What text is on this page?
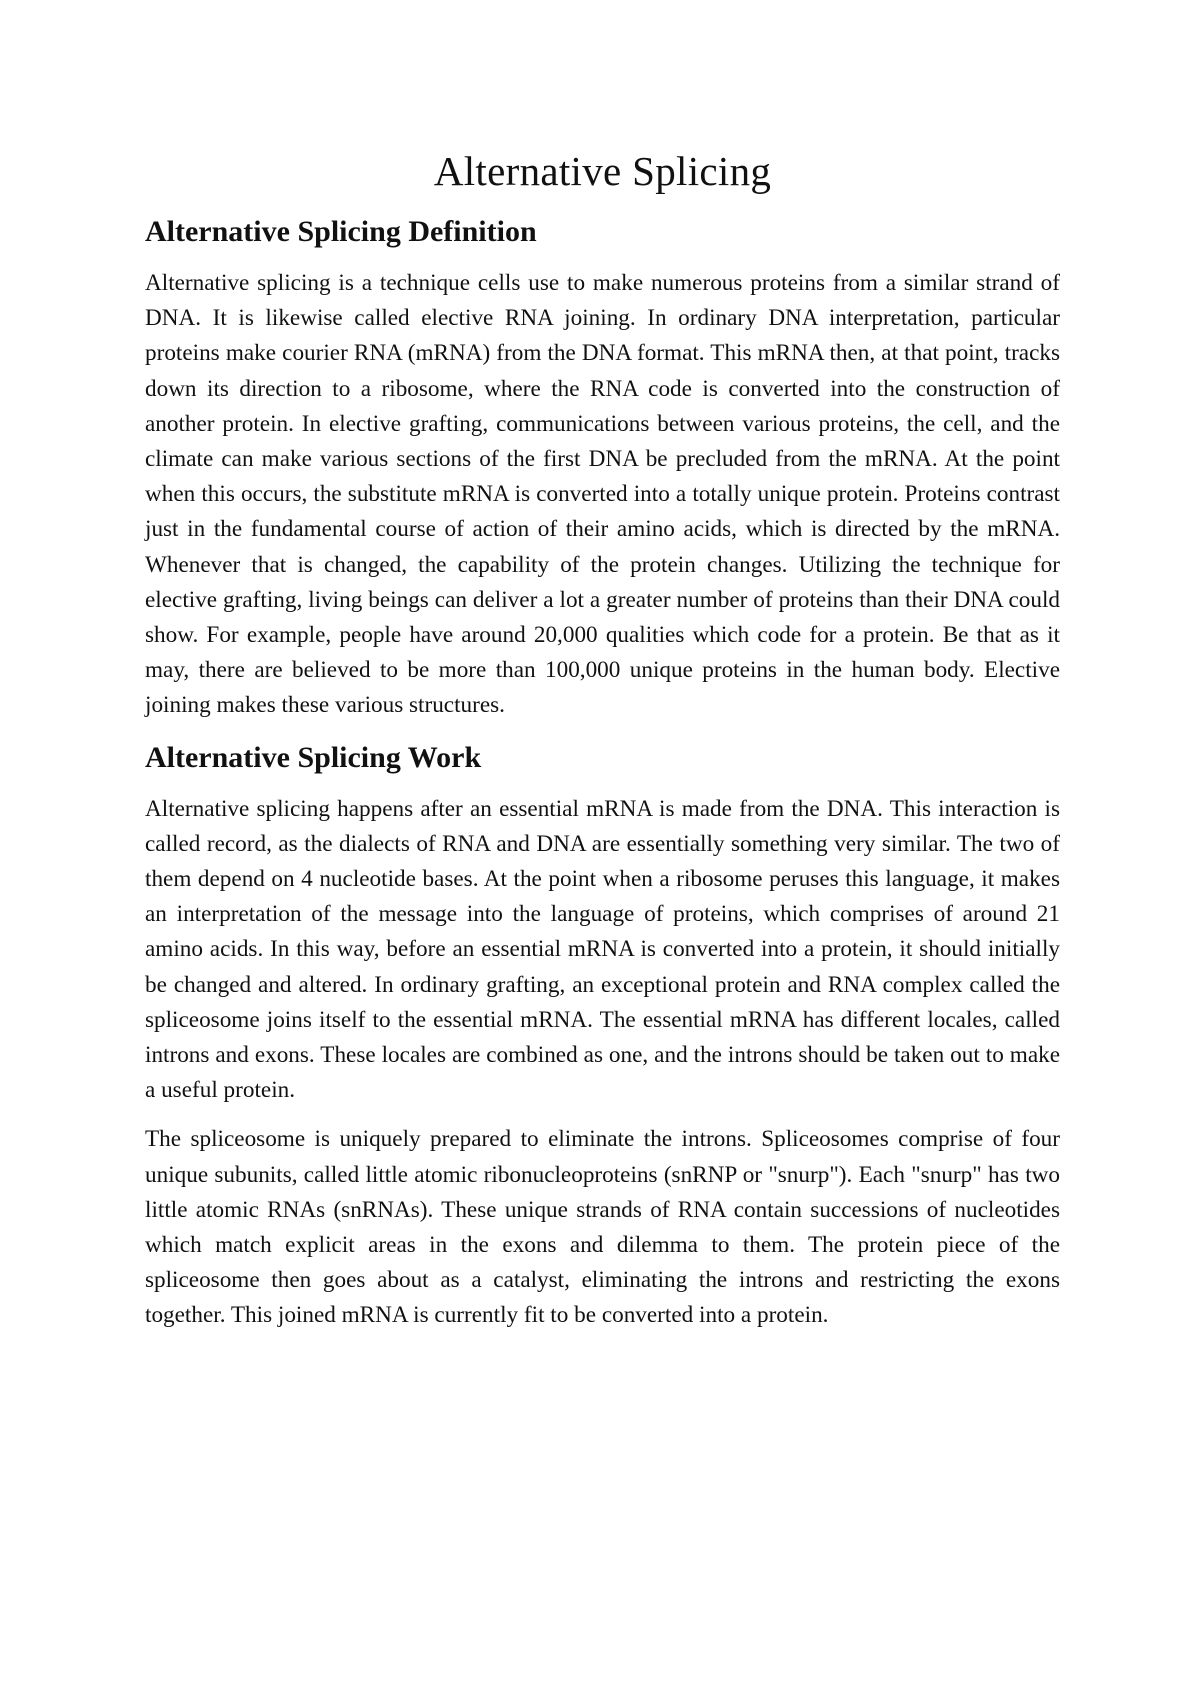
Alternative Splicing
Alternative Splicing Definition

Alternative splicing is a technique cells use to make numerous proteins from a similar strand of DNA. It is likewise called elective RNA joining. In ordinary DNA interpretation, particular proteins make courier RNA (mRNA) from the DNA format. This mRNA then, at that point, tracks down its direction to a ribosome, where the RNA code is converted into the construction of another protein. In elective grafting, communications between various proteins, the cell, and the climate can make various sections of the first DNA be precluded from the mRNA. At the point when this occurs, the substitute mRNA is converted into a totally unique protein. Proteins contrast just in the fundamental course of action of their amino acids, which is directed by the mRNA. Whenever that is changed, the capability of the protein changes. Utilizing the technique for elective grafting, living beings can deliver a lot a greater number of proteins than their DNA could show. For example, people have around 20,000 qualities which code for a protein. Be that as it may, there are believed to be more than 100,000 unique proteins in the human body. Elective joining makes these various structures.

Alternative Splicing Work

Alternative splicing happens after an essential mRNA is made from the DNA. This interaction is called record, as the dialects of RNA and DNA are essentially something very similar. The two of them depend on 4 nucleotide bases. At the point when a ribosome peruses this language, it makes an interpretation of the message into the language of proteins, which comprises of around 21 amino acids. In this way, before an essential mRNA is converted into a protein, it should initially be changed and altered. In ordinary grafting, an exceptional protein and RNA complex called the spliceosome joins itself to the essential mRNA. The essential mRNA has different locales, called introns and exons. These locales are combined as one, and the introns should be taken out to make a useful protein.

The spliceosome is uniquely prepared to eliminate the introns. Spliceosomes comprise of four unique subunits, called little atomic ribonucleoproteins (snRNP or "snurp"). Each "snurp" has two little atomic RNAs (snRNAs). These unique strands of RNA contain successions of nucleotides which match explicit areas in the exons and dilemma to them. The protein piece of the spliceosome then goes about as a catalyst, eliminating the introns and restricting the exons together. This joined mRNA is currently fit to be converted into a protein.
